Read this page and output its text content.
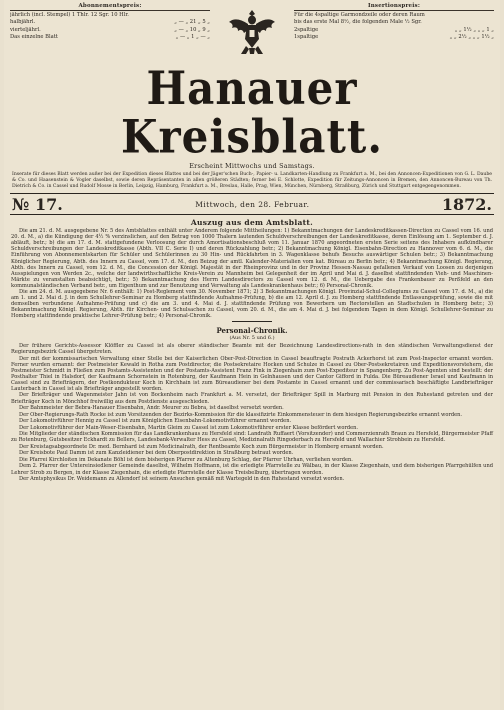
Abonnementspreis:
jährlich (incl. Stempel) 1 Thlr. 12 Sgr. 10 Hlr.
halbjährl.	„ — „ 21 „ 5 „
vierteljährl.	„ — „ 10 „ 9 „
Das einzelne Blatt	„ — „ 1 „ — „
Insertionspreis:
Für die 4spaltige Garmondzeile oder deren Raum
bis das erste Mal 8½, die folgenden Male ½ Sgr.
2spaltige	„ „ 1½ „ „ „ 1 „
1spaltige	„ „ 2½ „ „ „ 1½ „
Hanauer Kreisblatt.
Erscheint Mittwochs und Samstags.

Inserate für dieses Blatt werden außer bei der Expedition dieses Blattes und bei der Jäger'schen Buch-, Papier- u. Landkarten-Handlung zu Frankfurt a. M., bei den Annoncen-Expeditionen von G. L. Daube & Co. und Haasenstein & Vogler daselbst, sowie deren Repräsentanten in allen größeren Städten; ferner bei E. Schlotte, Expedition für Zeitungs-Annoncen in Bremen, den Annoncen-Bureau von Th. Dietrich & Co. in Cassel und Rudolf Mosse in Berlin, Leipzig, Hamburg, Frankfurt a. M., Breslau, Halle, Prag, Wien, München, Nürnberg, Straßburg, Zürich und Stuttgart entgegengenommen.

№ 17.	Mittwoch, den 28. Februar.	1872.
Auszug aus dem Amtsblatt.

Die am 21. d. M. ausgegebene Nr. 5 des Amtsblattes enthält unter Anderem folgende Mittheilungen: 1) Bekanntmachungen der Landeskreditkassen-Direction zu Cassel vom 16. und 20. d. M., a) die Kündigung der 4½ % verzinslichen, auf den Betrag von 1000 Thalern lautenden Schuldverschreibungen der Landeskreditkasse, deren Einlösung am 1. September d. J. abläuft, betr.; b) die am 17. d. M. stattgefundene Verloosung der durch Amortisationsbeschluß vom 11. Januar 1870 angeordneten ersten Serie seitens des Inhabers aufkündbarer Schuldverschreibungen der Landeskreditkasse (Abth. VII C. Serie I) und deren Rückzahlung betr.; 2) Bekanntmachung Königl. Eisenbahn-Direction zu Hannover vom 6. d. M., die Einführung von Abonnementskarten für Schüler und Schülerinnen zu 30 Hin- und Rückfahrten in 3. Wagenklasse behufs Besuchs auswärtiger Schulen betr.; 3) Bekanntmachung Königlicher Regierung, Abth. des Innern zu Cassel, vom 17. d. M., den Beizug der amtl. Kalender-Materialien vom kat. Büreau zu Berlin betr.; 4) Bekanntmachung Königl. Regierung, Abth. des Innern zu Cassel, vom 12. d. M., die Concession der Königl. Majestät in der Rheinprovinz und in der Provinz Hessen-Nassau gefallenen Verkauf von Loosen zu derjenigen Ausspielungen von Werden 2c., welche der landwirthschaftliche Kreis-Verein zu Mannheim bei Gelegenheit der im April und Mai d. J. daselbst stattfindenden Vieh- und Maschinen-Märkte zu veranstalten beabsichtigt, betr.; 5) Bekanntmachung des Herrn Landesdirectors zu Cassel vom 12. d. M., die Uebergabe des Frankenbauer zu Perßfeld an den kommunalständischen Verband betr., um Eigenthum und zur Benutzung und Verwaltung als Landeskrankenhaus betr.; 6) Personal-Chronik.

Die am 24. d. M. ausgegebene Nr. 6 enthält: 1) Post-Reglement vom 30. November 1871; 2) 3 Bekanntmachungen Königl. Provinzial-Schul-Collegiums zu Cassel vom 17. d. M., a) die am 1. und 2. Mai d. J. in dem Schullehrer-Seminar zu Homberg stattfindende Aufnahme-Prüfung, b) die am 12. April d. J. zu Homberg stattfindende Entlassungsprüfung, sowie die mit demselben verbundene Aufnahme-Prüfung und c) die am 3. und 4. Mai d. J. stattfindende Prüfung von Bewerbern um Rectorstellen an Stadtschulen in Homberg betr.; 3) Bekanntmachung Königl. Regierung, Abth. für Kirchen- und Schulsachen zu Cassel, vom 20. d. M., die am 4. Mai d. J. bei folgendem Tagen in dem Königl. Schullehrer-Seminar zu Homberg stattfindende praktische Lehrer-Prüfung betr.; 4) Personal-Chronik.

Personal-Chronik.
(Aus Nr. 5 und 6.)

Der frühere Gerichts-Assessor Klöffler zu Cassel ist als oberer ständischer Beamte mit der Bezeichnung Landesdirections-rath in den ständischen Verwaltungsdienst der Regierungsbezirk Cassel übergetreten.

Der mit der kommissarischen Verwaltung einer Stelle bei der Kaiserlichen Ober-Post-Direction in Cassel beauftragte Postrath Ackerhorst ist zum Post-Inspector ernannt worden. Ferner wurden ernannt: der Postmeister Kewald in Rotha zum Postdirector, die Postsekretaire Hocken und Schulze in Cassel zu Ober-Postsekretairen und Expeditionsvorstehern, die Postmeister Schmidt in Fließen zum Postamts-Assistenten und der Postamts-Assistent Franz Fink in Ziegenhain zum Post-Expediteur in Spangenberg. Zu Post-Agenten sind bestellt: der Posthalter Thiel in Halsdorf, der Kaufmann Schornstein in Rotenburg, der Kaufmann Hein in Gelnhausen und der Cantor Gifford in Fulda. Die Büreaudiener Israel und Kaufmann in Cassel sind zu Briefträgern, der Postkondukteur Koch in Kirchhain ist zum Büreaudiener bei dem Postamte in Cassel ernannt und der commissarisch beschäftigte Landbriefträger Lauterbach in Cassel ist als Briefträger angestellt worden.

Der Briefträger und Wagenmeister Jahn ist von Bockenheim nach Frankfurt a. M. versetzt, der Briefträger Spill in Marburg mit Pension in den Ruhestand getreten und der Briefträger Koch in Mönchhof freiwillig aus dem Postdienste ausgeschieden.

Der Bahnmeister der Bebra-Hanauer Eisenbahn, Andr. Meurer zu Bebra, ist daselbst versetzt worden.

Der Ober-Regierungs-Rath Rocke ist zum Vorsitzenden der Bezirks-Kommission für die klassifizirte Einkommensteuer in dem hiesigen Regierungsbezirke ernannt worden.

Der Lokomotivführer Hennig zu Cassel ist zum Königlichen Eisenbahn-Lokomotivführer ernannt worden.

Der Lokomotivführer der Main-Weser-Eisenbahn, Martin Gleim zu Cassel ist zum Lokomotivführer erster Klasse befördert worden.

Die Mitglieder der ständischen Kommission für das Landkrankenhaus zu Hersfeld sind: Landrath Ruffaert (Vorsitzender) und Commerzienrath Braun zu Hersfeld, Bürgermeister Pfaff zu Rotenburg, Gutsbesitzer Eckhardt zu Bellers, Landesbank-Verwalter Hess zu Cassel, Medizinalrath Ringoderbach zu Hersfeld und Wallachier Strohbein zu Hersfeld.

Der Kreistagsabgeordnete Dr. med. Bernhard ist zum Medicinalrath, der Rentbeamte Koch zum Bürgermeister in Homberg ernannt worden.

Der Kreisbote Paul Damm ist zum Kanzleidiener bei dem Oberpostdirektion in Straßburg betraut worden.

Die Pfarrei Kirchloiten im Dekanate Böhl ist dem bisherigen Pfarrer zu Altenburg Schlag, der Pfarrer Uhrhan, verliehen worden.

Dem 2. Pfarrer der Untereinsiedlener Gemeinde daselbst, Wilhelm Hoffmann, ist die erledigte Pfarrstelle zu Wälbau, in der Klasse Ziegenhain, und dem bisherigen Pfarrgehülfen und Lehrer Strob zu Bergen, in der Klasse Ziegenhain, die erledigte Pfarrstelle der Klasse Treisbelburg, übertragen worden.

Der Amtsphysikus Dr. Weidemann zu Allendorf ist seinem Ansuchen gemäß mit Wartegeld in den Ruhestand versetzt worden.
